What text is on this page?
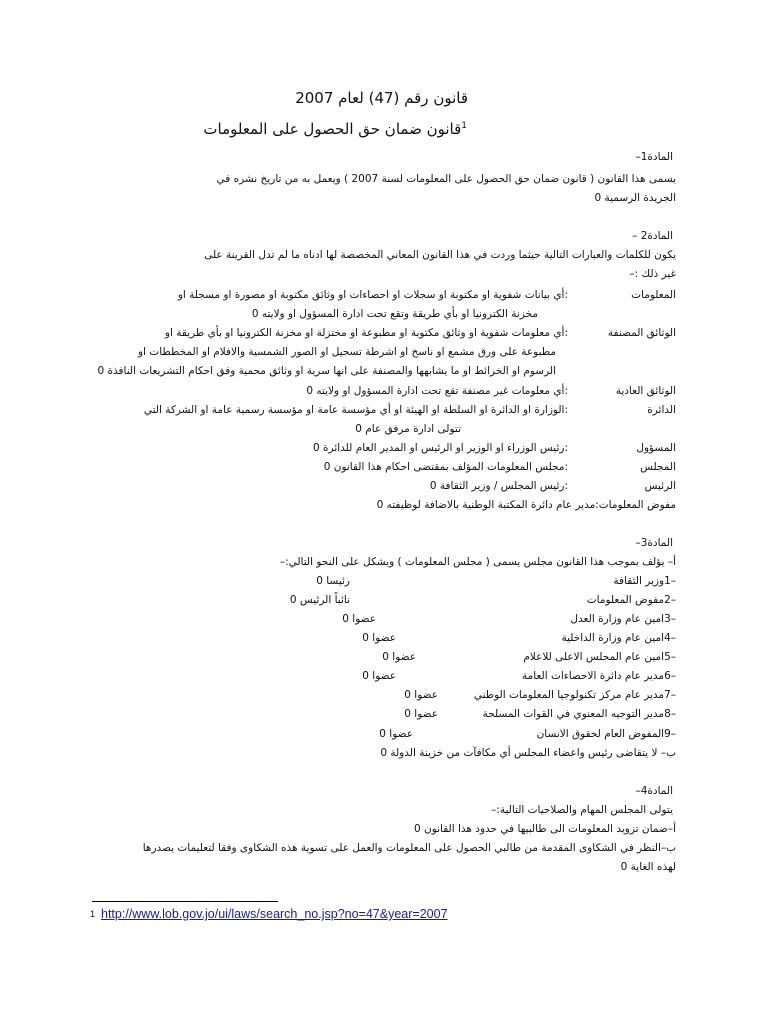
قانون رقم (47) لعام 2007
$^1$قانون ضمان حق الحصول على المعلومات
المادة1–
يسمى هذا القانون ( قانون ضمان حق الحصول على المعلومات لسنة 2007 ) ويعمل به من تاريخ نشره في
الجريدة الرسمية 0
المادة2 –
يكون للكلمات والعبارات التالية حيثما وردت في هذا القانون المعاني المخصصة لها ادناه ما لم تدل القرينة على
غير ذلك :–
المعلومات
:أي بيانات شفوية او مكتوبة او سجلات او احصاءات او وثائق مكتوبة او مصورة او مسجلة او
مخزنة الكترونيا او بأي طريقة وتقع تحت ادارة المسؤول او ولايته 0
الوثائق المصنفة
:أي معلومات شفوية او وثائق مكتوبة او مطبوعة او مختزلة او مخزنة الكترونيا او بأي طريقة او
مطبوعة على ورق مشمع او ناسخ او اشرطة تسجيل او الصور الشمسية والافلام او المخططات او
الرسوم او الخرائط او ما يشابهها والمصنفة على انها سرية او وثائق محمية وفق احكام التشريعات النافذة 0
الوثائق العادية
:أي معلومات غير مصنفة تقع تحت ادارة المسؤول او ولايته 0
الدائرة
:الوزارة او الدائرة او السلطة او الهيئة او أي مؤسسة عامة او مؤسسة رسمية عامة او الشركة التي
تتولى ادارة مرفق عام 0
المسؤول
:رئيس الوزراء او الوزير او الرئيس او المدير العام للدائرة 0
المجلس
:مجلس المعلومات المؤلف بمقتضى احكام هذا القانون 0
الرئيس
:رئيس المجلس / وزير الثقافة 0
مفوض المعلومات:مدير عام دائرة المكتبة الوطنية بالاضافة لوظيفته 0
المادة3–
أ– يؤلف بموجب هذا القانون مجلس يسمى ( مجلس المعلومات ) ويشكل على النحو التالي:–
–1وزير الثقافة
رئيسا 0
–2مفوض المعلومات
نائباً الرئيس 0
–3امين عام وزارة العدل
عضوا 0
–4امين عام وزارة الداخلية
عضوا 0
–5امين عام المجلس الاعلى للاعلام
عضوا 0
–6مدير عام دائرة الاحصاءات العامة
عضوا 0
–7مدير عام مركز تكنولوجيا المعلومات الوطني
عضوا 0
–8مدير التوجيه المعنوي في القوات المسلحة
عضوا 0
–9المفوض العام لحقوق الانسان
عضوا 0
ب– لا يتقاضى رئيس واعضاء المجلس أي مكافآت من خزينة الدولة 0
المادة4–
يتولى المجلس المهام والصلاحيات التالية:–
أ–ضمان تزويد المعلومات الى طالبيها في حدود هذا القانون 0
ب–النظر في الشكاوى المقدمة من طالبي الحصول على المعلومات والعمل على تسوية هذه الشكاوى وفقا لتعليمات يصدرها
لهذه الغاية 0
1 http://www.lob.gov.jo/ui/laws/search_no.jsp?no=47&year=2007
